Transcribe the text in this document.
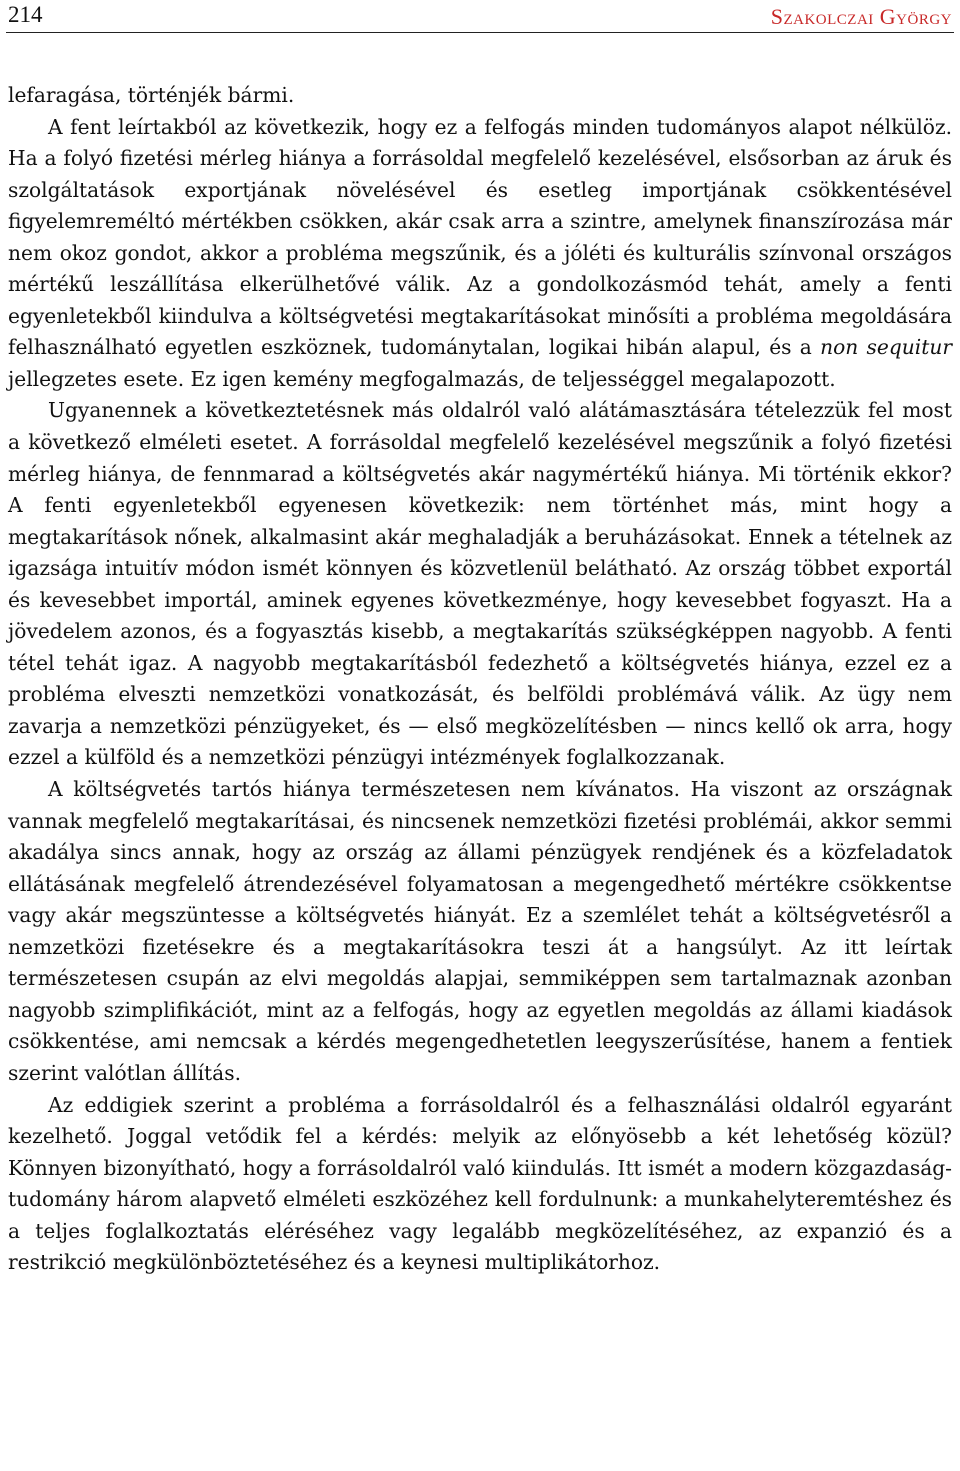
214	Szakolczai György

lefaragása, történjék bármi.

A fent leírtakból az következik, hogy ez a felfogás minden tudományos alapot nélkülöz. Ha a folyó fizetési mérleg hiánya a forrásoldal megfelelő kezelésével, elsősorban az áruk és szolgáltatások exportjának növelésével és esetleg importjának csökkentésével figyelemreméltó mértékben csökken, akár csak arra a szintre, amelynek finanszírozása már nem okoz gondot, akkor a probléma megszűnik, és a jóléti és kulturális színvonal országos mértékű leszállítása elkerülhetővé válik. Az a gondolkozásmód tehát, amely a fenti egyenletekből kiindulva a költségvetési megtakarításokat minősíti a probléma megoldására felhasználható egyetlen eszköznek, tudománytalan, logikai hibán alapul, és a non sequitur jellegzetes esete. Ez igen kemény megfogalmazás, de teljességgel megalapozott.

Ugyanennek a következtetésnek más oldalról való alátámasztására tételezzük fel most a következő elméleti esetet. A forrásoldal megfelelő kezelésével megszűnik a folyó fizetési mérleg hiánya, de fennmarad a költségvetés akár nagymértékű hiánya. Mi történik ekkor? A fenti egyenletekből egyenesen következik: nem történhet más, mint hogy a megtakarítások nőnek, alkalmasint akár meghaladják a beruházásokat. Ennek a tételnek az igazsága intuitív módon ismét könnyen és közvetlenül belátható. Az ország többet exportál és kevesebbet importál, aminek egyenes következménye, hogy kevesebbet fogyaszt. Ha a jövedelem azonos, és a fogyasztás kisebb, a megtakarítás szükségképpen nagyobb. A fenti tétel tehát igaz. A nagyobb megtakarításból fedezhető a költségvetés hiánya, ezzel ez a probléma elveszti nemzetközi vonatkozását, és belföldi problémává válik. Az ügy nem zavarja a nemzetközi pénzügyeket, és — első megközelítésben — nincs kellő ok arra, hogy ezzel a külföld és a nemzetközi pénzügyi intézmények foglalkozzanak.

A költségvetés tartós hiánya természetesen nem kívánatos. Ha viszont az országnak vannak megfelelő megtakarításai, és nincsenek nemzetközi fizetési problémái, akkor semmi akadálya sincs annak, hogy az ország az állami pénzügyek rendjének és a közfeladatok ellátásának megfelelő átrendezésével folyamatosan a megengedhető mértékre csökkentse vagy akár megszüntesse a költségvetés hiányát. Ez a szemlélet tehát a költségvetésről a nemzetközi fizetésekre és a megtakarításokra teszi át a hangsúlyt. Az itt leírtak természetesen csupán az elvi megoldás alapjai, semmiképpen sem tartalmaznak azonban nagyobb szimplifikációt, mint az a felfogás, hogy az egyetlen megoldás az állami kiadások csökkentése, ami nemcsak a kérdés megengedhetetlen leegyszerűsítése, hanem a fentiek szerint valótlan állítás.

Az eddigiek szerint a probléma a forrásoldalról és a felhasználási oldalról egyaránt kezelhető. Joggal vetődik fel a kérdés: melyik az előnyösebb a két lehetőség közül? Könnyen bizonyítható, hogy a forrásoldalról való kiindulás. Itt ismét a modern közgazdaság-tudomány három alapvető elméleti eszközéhez kell fordulnunk: a munkahelyteremtéshez és a teljes foglalkoztatás eléréséhez vagy legalább megközelítéséhez, az expanzió és a restrikció megkülönböztetéséhez és a keynesi multiplikátorhoz.
